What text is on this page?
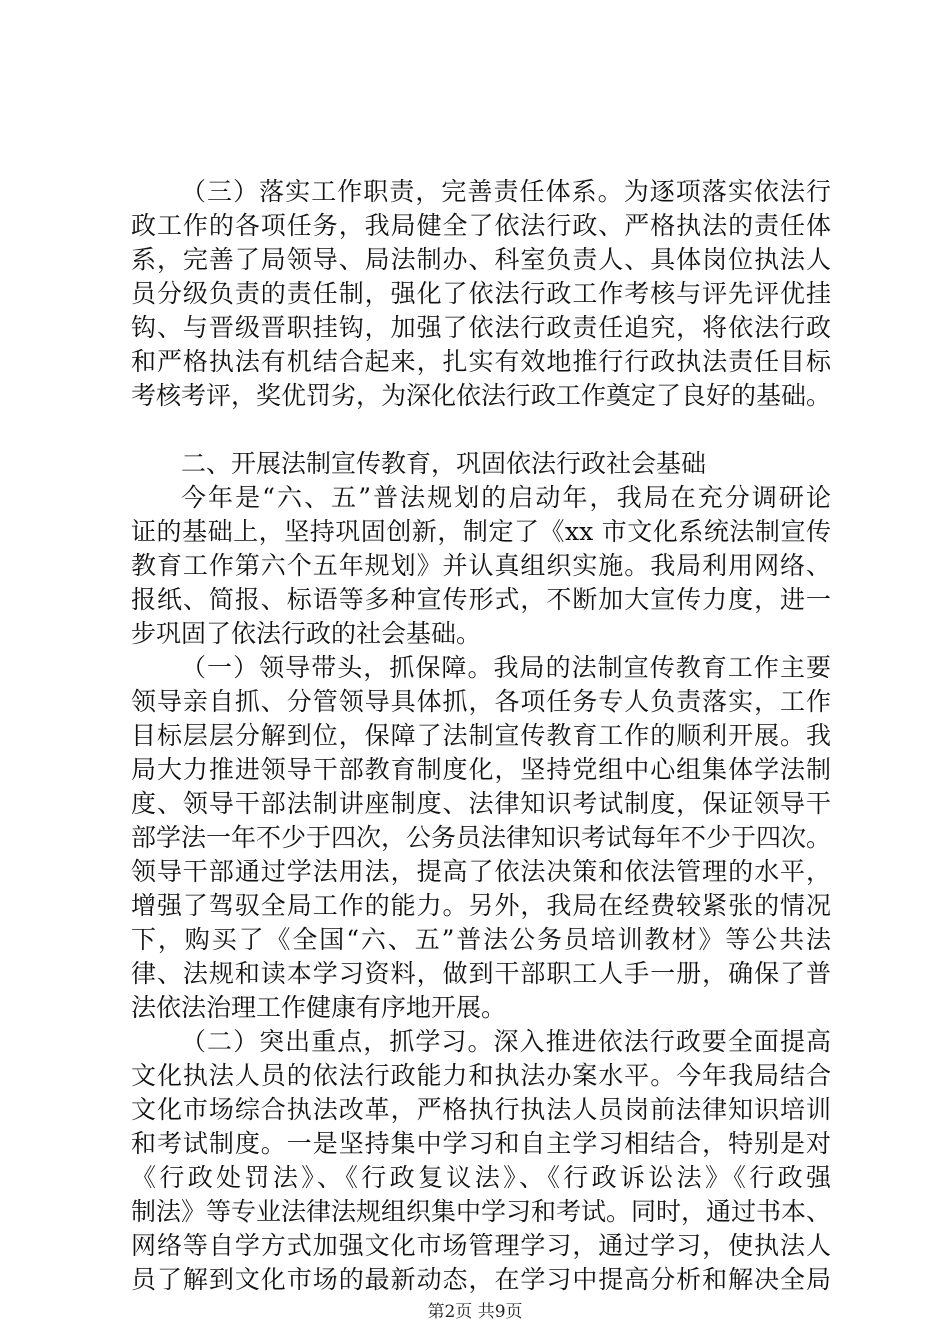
（三）落实工作职责，完善责任体系。为逐项落实依法行
政工作的各项任务，我局健全了依法行政、严格执法的责任体
系，完善了局领导、局法制办、科室负责人、具体岗位执法人
员分级负责的责任制，强化了依法行政工作考核与评先评优挂
钩、与晋级晋职挂钩，加强了依法行政责任追究，将依法行政
和严格执法有机结合起来，扎实有效地推行行政执法责任目标
考核考评，奖优罚劣，为深化依法行政工作奠定了良好的基础。
二、开展法制宣传教育，巩固依法行政社会基础
今年是“六、五”普法规划的启动年，我局在充分调研论
证的基础上，坚持巩固创新，制定了《xx 市文化系统法制宣传
教育工作第六个五年规划》并认真组织实施。我局利用网络、
报纸、简报、标语等多种宣传形式，不断加大宣传力度，进一
步巩固了依法行政的社会基础。
（一）领导带头，抓保障。我局的法制宣传教育工作主要
领导亲自抓、分管领导具体抓，各项任务专人负责落实，工作
目标层层分解到位，保障了法制宣传教育工作的顺利开展。我
局大力推进领导干部教育制度化，坚持党组中心组集体学法制
度、领导干部法制讲座制度、法律知识考试制度，保证领导干
部学法一年不少于四次，公务员法律知识考试每年不少于四次。
领导干部通过学法用法，提高了依法决策和依法管理的水平，
增强了驾驭全局工作的能力。另外，我局在经费较紧张的情况
下，购买了《全国“六、五”普法公务员培训教材》等公共法
律、法规和读本学习资料，做到干部职工人手一册，确保了普
法依法治理工作健康有序地开展。
（二）突出重点，抓学习。深入推进依法行政要全面提高
文化执法人员的依法行政能力和执法办案水平。今年我局结合
文化市场综合执法改革，严格执行执法人员岗前法律知识培训
和考试制度。一是坚持集中学习和自主学习相结合，特别是对
《行政处罚法》、《行政复议法》、《行政诉讼法》《行政强
制法》等专业法律法规组织集中学习和考试。同时，通过书本、
网络等自学方式加强文化市场管理学习，通过学习，使执法人
员了解到文化市场的最新动态，在学习中提高分析和解决全局
第2页 共9页
